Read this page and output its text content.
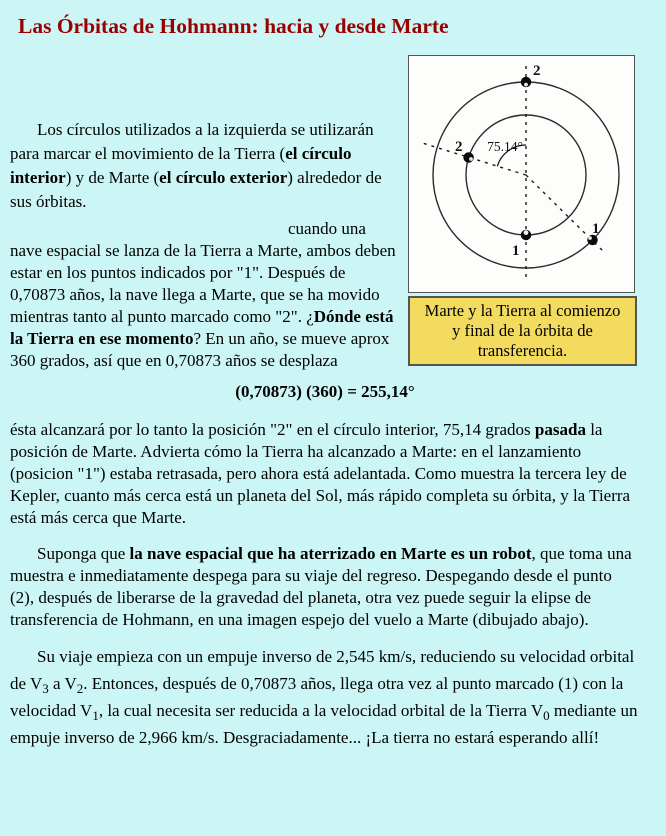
Las Órbitas de Hohmann: hacia y desde Marte
2
2
1
1
75.14°
Marte y la Tierra al comienzo
y final de la órbita de
transferencia.

Los círculos utilizados a la izquierda se utilizarán para marcar el movimiento de la Tierra (el círculo interior) y de Marte (el círculo exterior) alrededor de sus órbitas.

cuando una nave espacial se lanza de la Tierra a Marte, ambos deben estar en los puntos indicados por "1". Después de 0,70873 años, la nave llega a Marte, que se ha movido mientras tanto al punto marcado como "2". ¿Dónde está la Tierra en ese momento? En un año, se mueve aprox 360 grados, así que en 0,70873 años se desplaza

(0,70873) (360) = 255,14°

ésta alcanzará por lo tanto la posición "2" en el círculo interior, 75,14 grados pasada la posición de Marte. Advierta cómo la Tierra ha alcanzado a Marte: en el lanzamiento (posicion "1") estaba retrasada, pero ahora está adelantada. Como muestra la tercera ley de Kepler, cuanto más cerca está un planeta del Sol, más rápido completa su órbita, y la Tierra está más cerca que Marte.

Suponga que la nave espacial que ha aterrizado en Marte es un robot, que toma una muestra e inmediatamente despega para su viaje del regreso. Despegando desde el punto (2), después de liberarse de la gravedad del planeta, otra vez puede seguir la elipse de transferencia de Hohmann, en una imagen espejo del vuelo a Marte (dibujado abajo).

Su viaje empieza con un empuje inverso de 2,545 km/s, reduciendo su velocidad orbital de $V_3$ a $V_2$. Entonces, después de 0,70873 años, llega otra vez al punto marcado (1) con la velocidad $V_1$, la cual necesita ser reducida a la velocidad orbital de la Tierra $V_0$ mediante un empuje inverso de 2,966 km/s. Desgraciadamente... ¡La tierra no estará esperando allí!
